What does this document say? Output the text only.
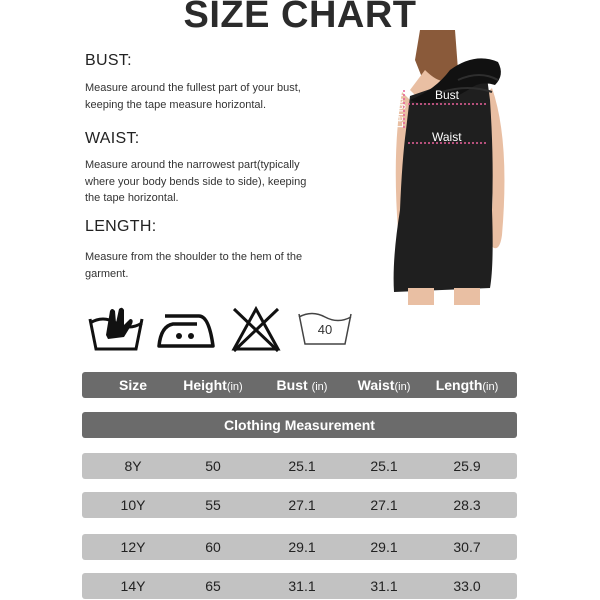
SIZE CHART
BUST:
Measure around the fullest part of your bust,
keeping the tape measure horizontal.
WAIST:
Measure around the narrowest part(typically
where your body bends side to side), keeping
the tape horizontal.
LENGTH:
Measure from the shoulder to the hem of the
garment.
Bust
Waist
Length
40
Size	Height(in)	Bust (in)	Waist(in)	Length(in)
Clothing Measurement
8Y	50	25.1	25.1	25.9
10Y	55	27.1	27.1	28.3
12Y	60	29.1	29.1	30.7
14Y	65	31.1	31.1	33.0
